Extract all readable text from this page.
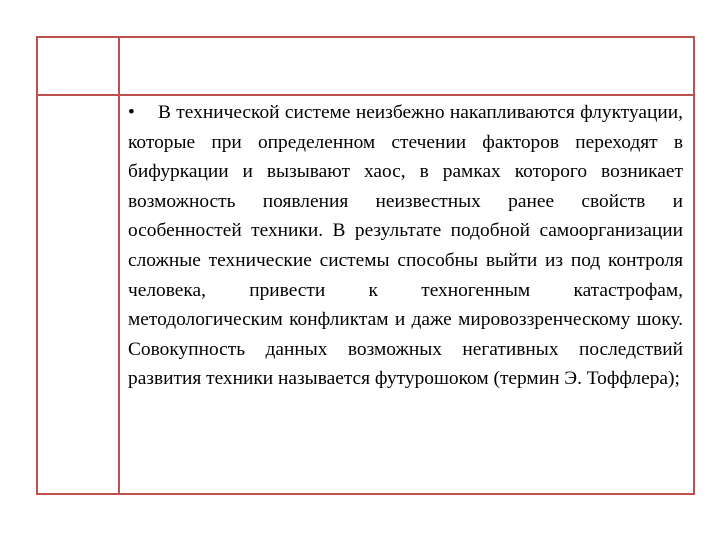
• В технической системе неизбежно накапливаются флуктуации, которые при определенном стечении факторов переходят в бифуркации и вызывают хаос, в рамках которого возникает возможность появления неизвестных ранее свойств и особенностей техники. В результате подобной самоорганизации сложные технические системы способны выйти из под контроля человека, привести к техногенным катастрофам, методологическим конфликтам и даже мировоззренческому шоку. Совокупность данных возможных негативных последствий развития техники называется футурошоком (термин Э. Тоффлера);
